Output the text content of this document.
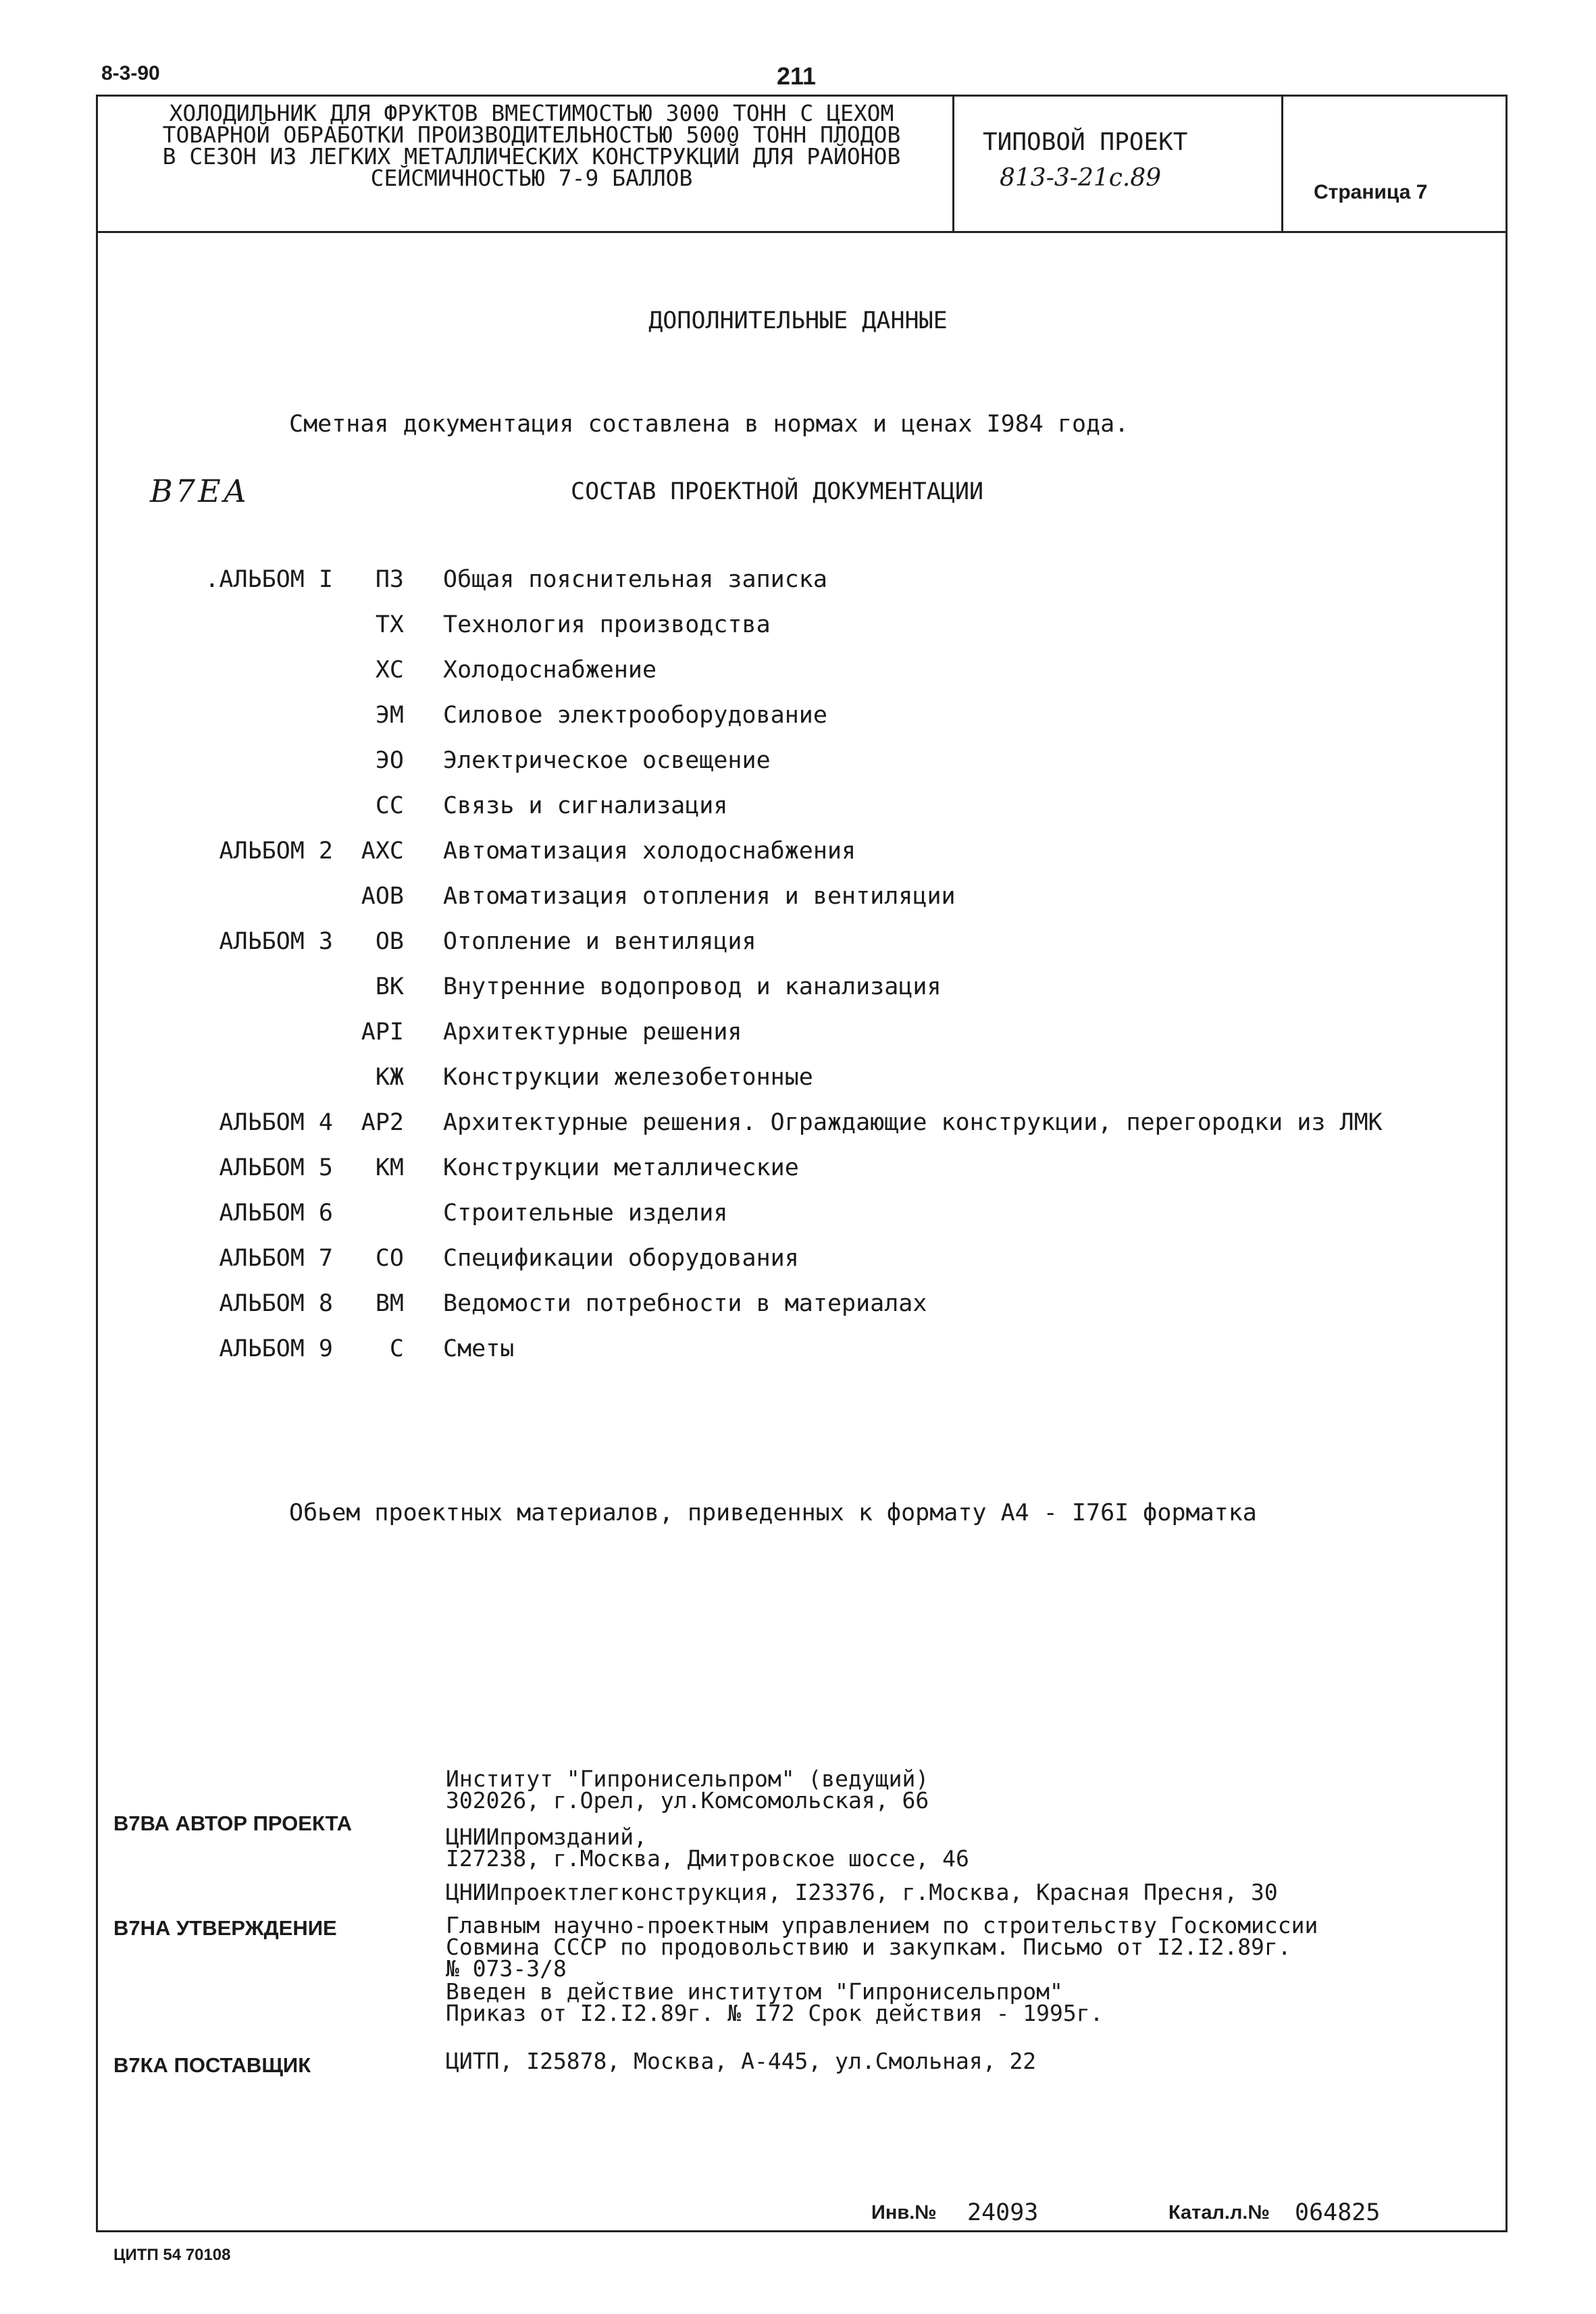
8-3-90	211
ХОЛОДИЛЬНИК ДЛЯ ФРУКТОВ ВМЕСТИМОСТЬЮ 3000 ТОНН С ЦЕХОМ
ТОВАРНОЙ ОБРАБОТКИ ПРОИЗВОДИТЕЛЬНОСТЬЮ 5000 ТОНН ПЛОДОВ
В СЕЗОН ИЗ ЛЕГКИХ МЕТАЛЛИЧЕСКИХ КОНСТРУКЦИЙ ДЛЯ РАЙОНОВ
СЕЙСМИЧНОСТЬЮ 7-9 БАЛЛОВ
ТИПОВОЙ ПРОЕКТ
813-3-21с.89
Страница 7
ДОПОЛНИТЕЛЬНЫЕ ДАННЫЕ
Сметная документация составлена в нормах и ценах I984 года.
В7ЕА	СОСТАВ ПРОЕКТНОЙ ДОКУМЕНТАЦИИ
.АЛЬБОМ I ПЗ Общая пояснительная записка
ТХ Технология производства
ХС Холодоснабжение
ЭМ Силовое электрооборудование
ЭО Электрическое освещение
СС Связь и сигнализация
АЛЬБОМ 2 АХС Автоматизация холодоснабжения
АОВ Автоматизация отопления и вентиляции
АЛЬБОМ 3 ОВ Отопление и вентиляция
ВК Внутренние водопровод и канализация
АРI Архитектурные решения
КЖ Конструкции железобетонные
АЛЬБОМ 4 АР2 Архитектурные решения. Ограждающие конструкции, перегородки из ЛМК
АЛЬБОМ 5 КМ Конструкции металлические
АЛЬБОМ 6	Строительные изделия
АЛЬБОМ 7 СО Спецификации оборудования
АЛЬБОМ 8 ВМ Ведомости потребности в материалах
АЛЬБОМ 9 С Сметы
Обьем проектных материалов, приведенных к формату А4 - I76I форматка
В7ВА АВТОР ПРОЕКТА
Институт "Гипронисельпром" (ведущий)
302026, г.Орел, ул.Комсомольская, 66
ЦНИИпромзданий,
I27238, г.Москва, Дмитровское шоссе, 46
ЦНИИпроектлегконструкция, I23376, г.Москва, Красная Пресня, 30
В7НА УТВЕРЖДЕНИЕ	Главным научно-проектным управлением по строительству Госкомиссии
Совмина СССР по продовольствию и закупкам. Письмо от I2.I2.89г.
№ 073-3/8
Введен в действие институтом "Гипронисельпром"
Приказ от I2.I2.89г. № I72 Срок действия - 1995г.
В7КА ПОСТАВЩИК	ЦИТП, I25878, Москва, А-445, ул.Смольная, 22
Инв.№ 24093	Катал.л.№ 064825
ЦИТП 54 70108
